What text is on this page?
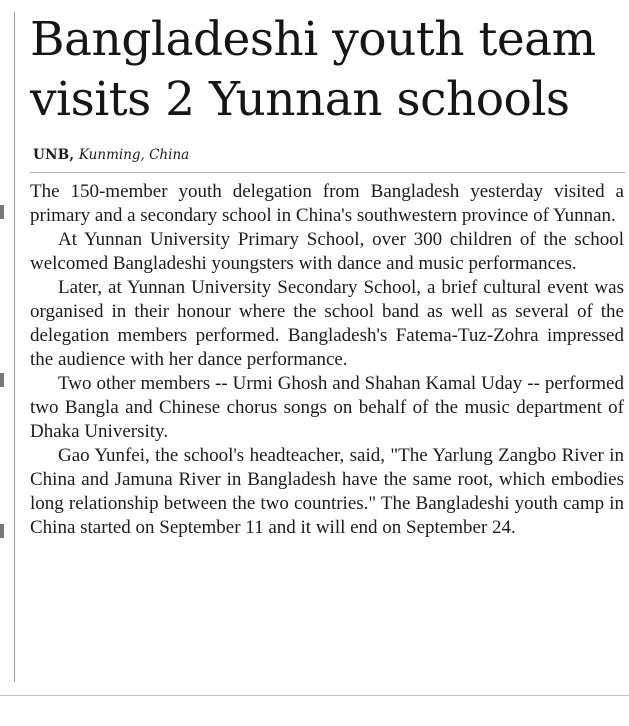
Bangladeshi youth team
visits 2 Yunnan schools
UNB, Kunming, China

The 150-member youth delegation from Bangladesh yesterday visited a primary and a secondary school in China's southwestern province of Yunnan.

At Yunnan University Primary School, over 300 children of the school welcomed Bangladeshi youngsters with dance and music performances.

Later, at Yunnan University Secondary School, a brief cultural event was organised in their honour where the school band as well as several of the delegation members performed. Bangladesh's Fatema-Tuz-Zohra impressed the audience with her dance performance.

Two other members -- Urmi Ghosh and Shahan Kamal Uday -- performed two Bangla and Chinese chorus songs on behalf of the music department of Dhaka University.

Gao Yunfei, the school's headteacher, said, "The Yarlung Zangbo River in China and Jamuna River in Bangladesh have the same root, which embodies long relationship between the two countries." The Bangladeshi youth camp in China started on September 11 and it will end on September 24.
